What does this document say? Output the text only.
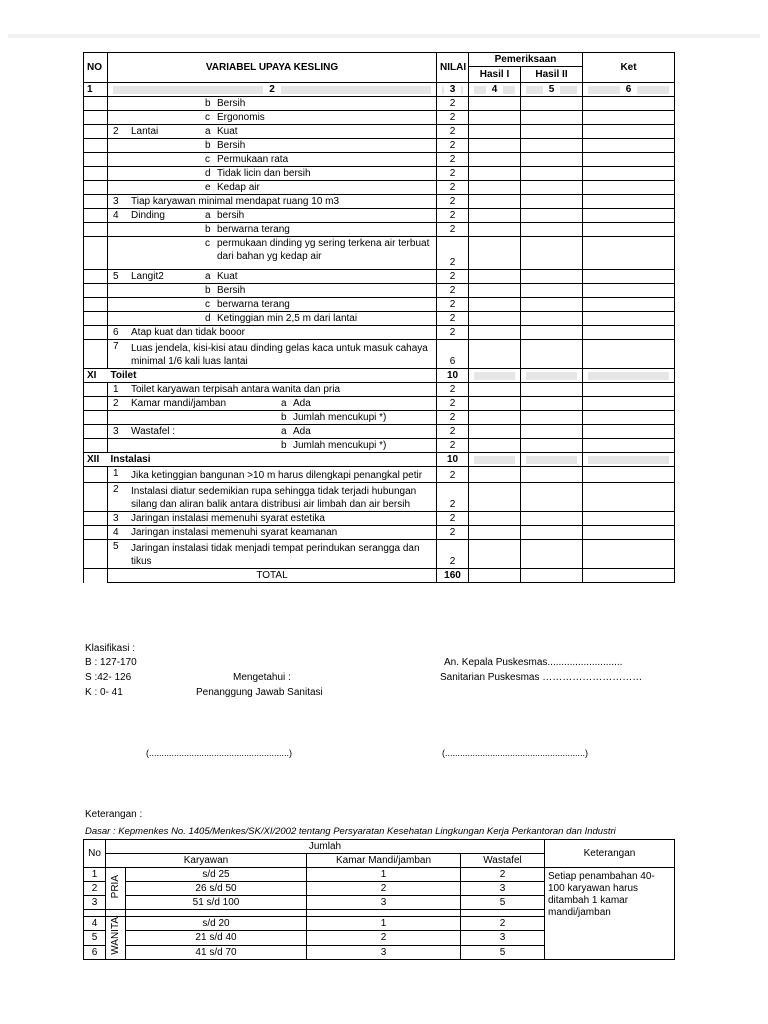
NO	VARIABEL UPAYA KESLING	NILAI	Pemeriksaan		Ket
			Hasil I	Hasil II	

1	2	3	4	5	6

	b Bersih	2			

	c Ergonomis	2			

	2 Lantai a Kuat	2			

	b Bersih	2			

	c Permukaan rata	2			

	d Tidak licin dan bersih	2			

	e Kedap air	2			

	3 Tiap karyawan minimal mendapat ruang 10 m3	2			

	4 Dinding a bersih	2			

	b berwarna terang	2			

	c permukaan dinding yg sering terkena air terbuat dari bahan yg kedap air	2			

	5 Langit2 a Kuat	2			

	b Bersih	2			

	c berwarna terang	2			

	d Ketinggian min 2,5 m dari lantai	2			

	6 Atap kuat dan tidak booor	2			

	7 Luas jendela, kisi-kisi atau dinding gelas kaca untuk masuk cahaya minimal 1/6 kali luas lantai	6			
XI	Toilet	10	

	1 Toilet karyawan terpisah antara wanita dan pria	2			

	2 Kamar mandi/jamban a Ada	2			

	b Jumlah mencukupi *)	2			

	3 Wastafel : a Ada	2			

	b Jumlah mencukupi *)	2			
XII	Instalasi	10	

	1 Jika ketinggian bangunan >10 m harus dilengkapi penangkal petir	2			

	2 Instalasi diatur sedemikian rupa sehingga tidak terjadi hubungan silang dan aliran balik antara distribusi air limbah dan air bersih	2			

	3 Jaringan instalasi memenuhi syarat estetika	2			

	4 Jaringan instalasi memenuhi syarat keamanan	2			

	5 Jaringan instalasi tidak menjadi tempat perindukan serangga dan tikus	2			
	TOTAL	160			
Klasifikasi :
B : 127-170
S :42- 126
K : 0- 41
Mengetahui :
Penanggung Jawab Sanitasi
An. Kepala Puskesmas...........................
Sanitarian Puskesmas …………………………
(........................................................)	(........................................................)
Keterangan :
Dasar : Kepmenkes No. 1405/Menkes/SK/XI/2002 tentang Persyaratan Kesehatan Lingkungan Kerja Perkantoran dan Industri
No	Jumlah				Keterangan
	Karyawan		Kamar Mandi/jamban	Wastafel	
1	PRIA	s/d 25	1	2	Setiap penambahan 40-100 karyawan harus ditambah 1 kamar mandi/jamban
2		26 s/d 50	2	3	
3		51 s/d 100	3	5	

4	WANITA	s/d 20	1	2	
5		21 s/d 40	2	3	
6		41 s/d 70	3	5	
